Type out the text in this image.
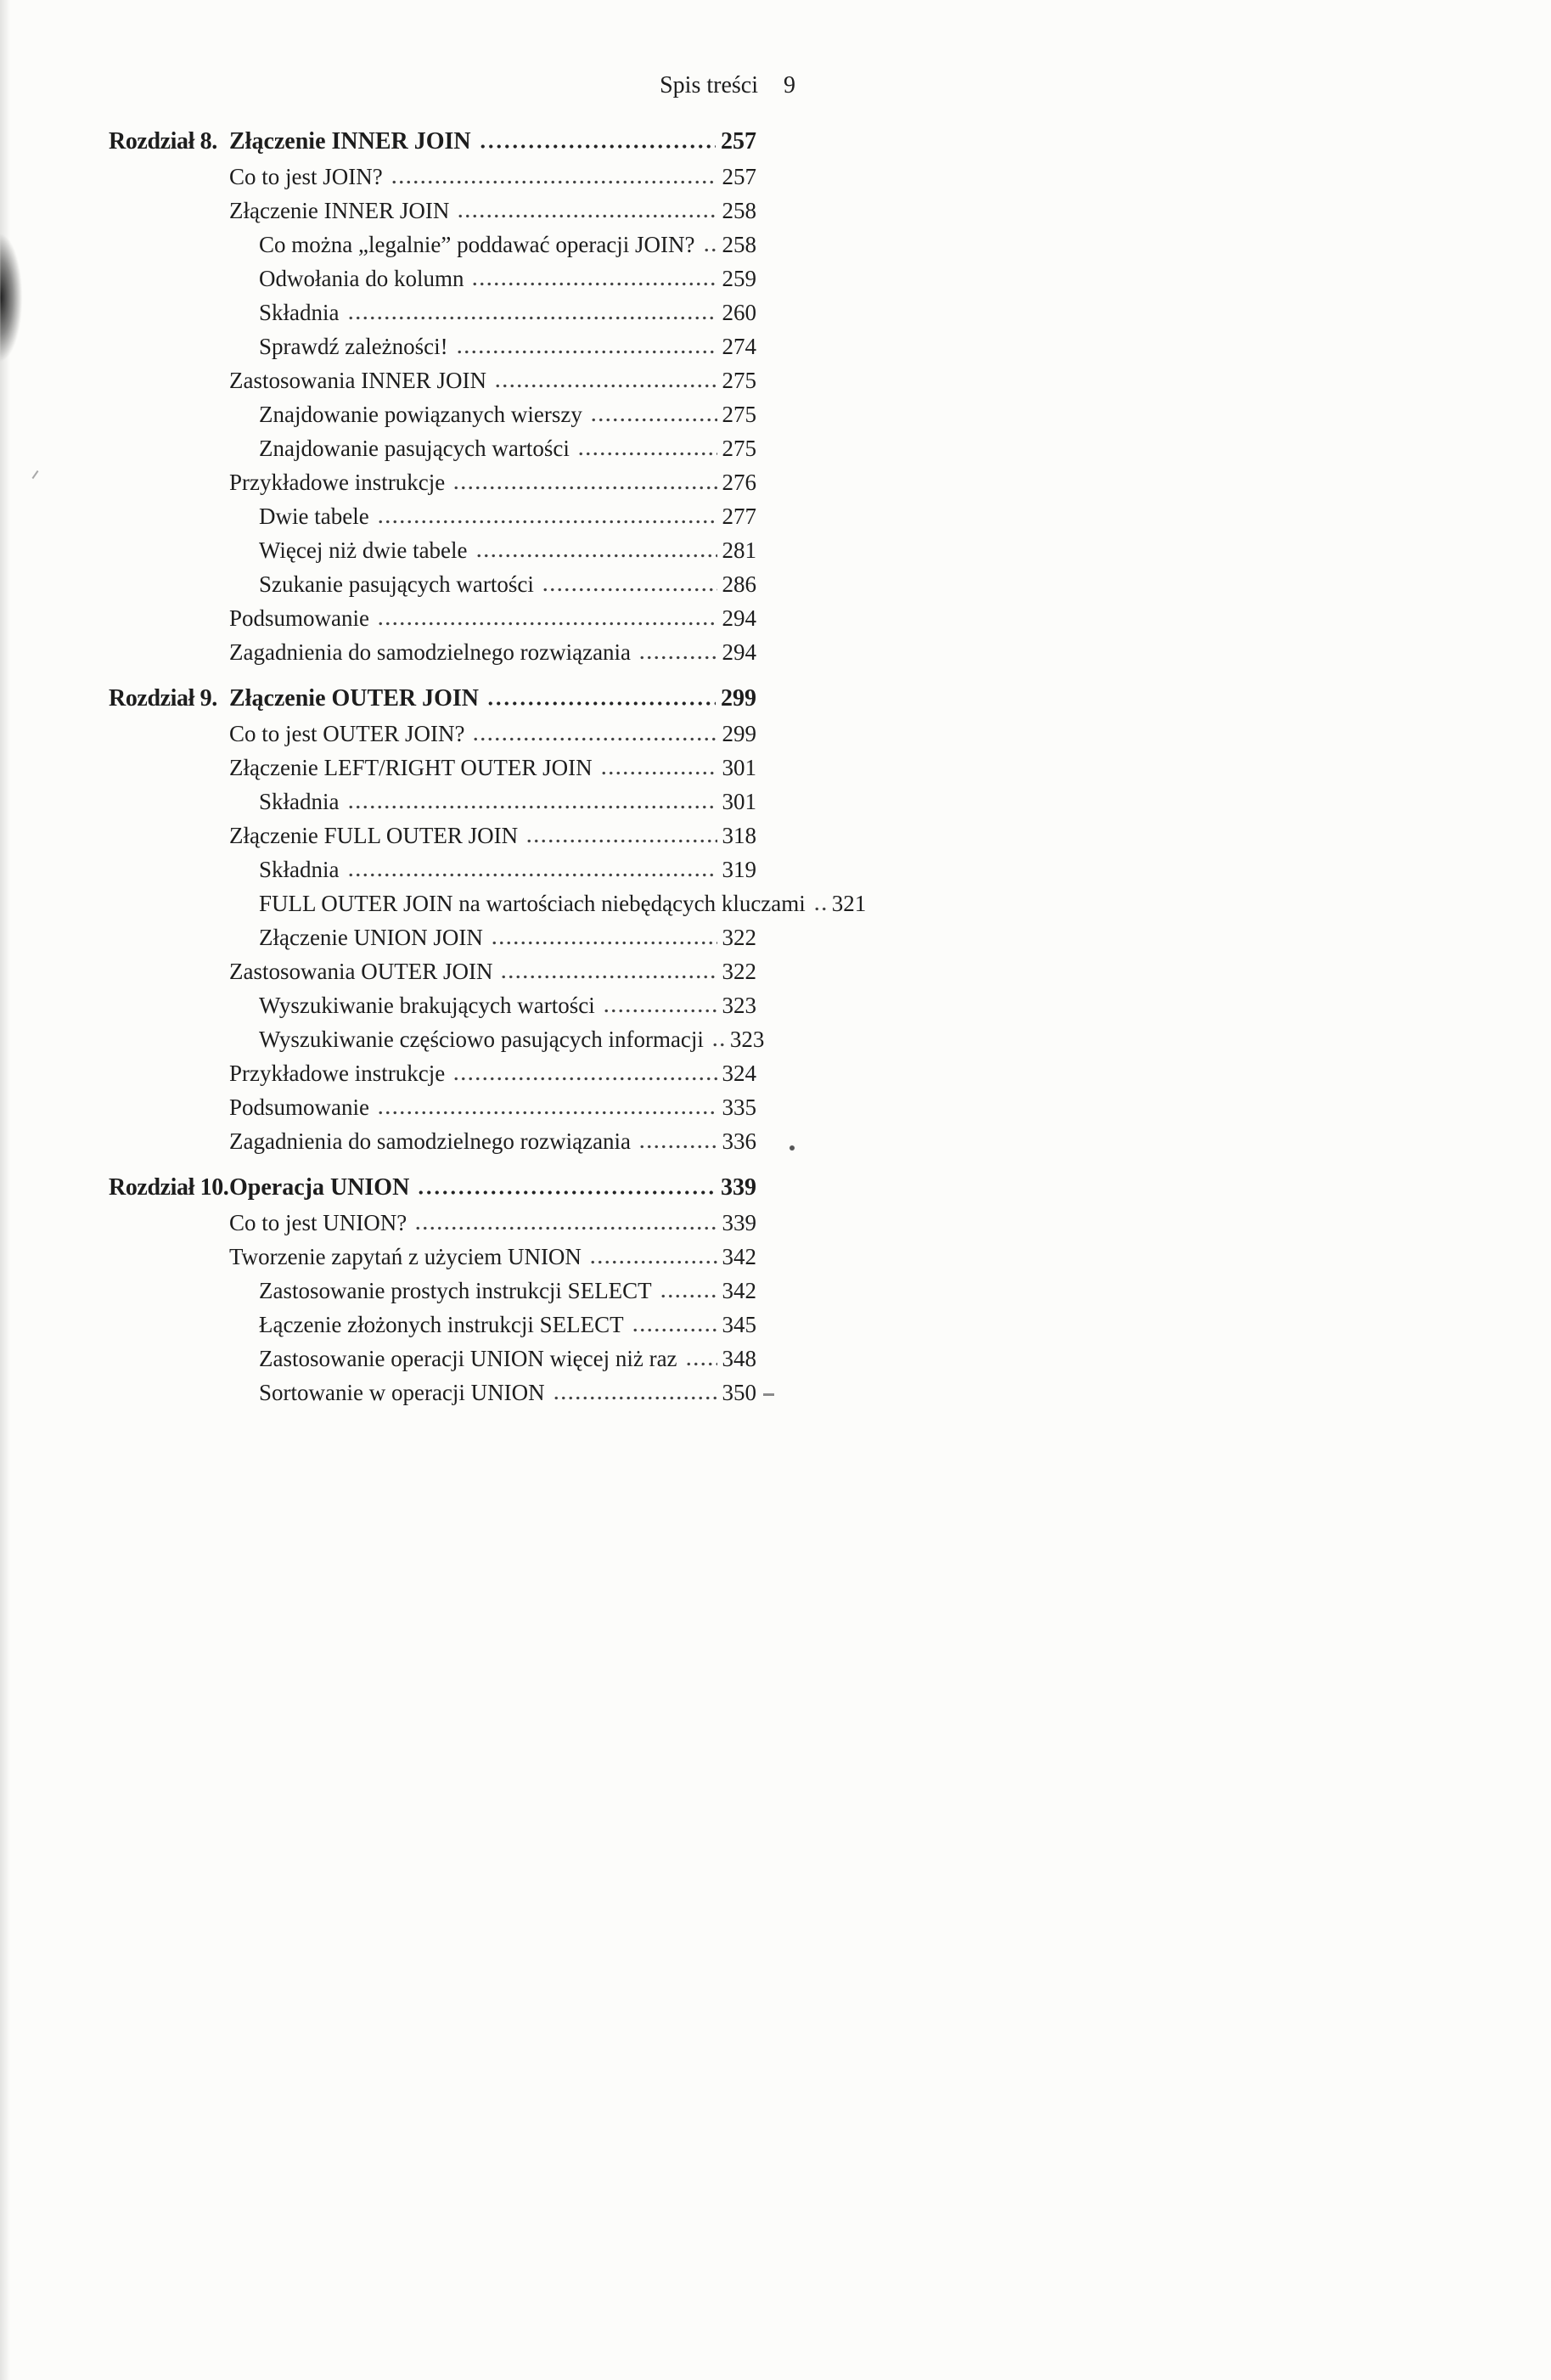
Spis treści 9
Rozdział 8. Złączenie INNER JOIN	257
Co to jest JOIN?	257
Złączenie INNER JOIN	258
Co można „legalnie” poddawać operacji JOIN? 258
Odwołania do kolumn	259
Składnia	260
Sprawdź zależności!	274
Zastosowania INNER JOIN	275
Znajdowanie powiązanych wierszy	275
Znajdowanie pasujących wartości	275
Przykładowe instrukcje	276
Dwie tabele	277
Więcej niż dwie tabele	281
Szukanie pasujących wartości	286
Podsumowanie	294
Zagadnienia do samodzielnego rozwiązania	294
Rozdział 9. Złączenie OUTER JOIN	299
Co to jest OUTER JOIN?	299
Złączenie LEFT/RIGHT OUTER JOIN	301
Składnia	301
Złączenie FULL OUTER JOIN	318
Składnia	319
FULL OUTER JOIN na wartościach niebędących kluczami 321
Złączenie UNION JOIN	322
Zastosowania OUTER JOIN	322
Wyszukiwanie brakujących wartości	323
Wyszukiwanie częściowo pasujących informacji 323
Przykładowe instrukcje	324
Podsumowanie	335
Zagadnienia do samodzielnego rozwiązania	336
Rozdział 10. Operacja UNION	339
Co to jest UNION?	339
Tworzenie zapytań z użyciem UNION	342
Zastosowanie prostych instrukcji SELECT	342
Łączenie złożonych instrukcji SELECT	345
Zastosowanie operacji UNION więcej niż raz 348
Sortowanie w operacji UNION	350
